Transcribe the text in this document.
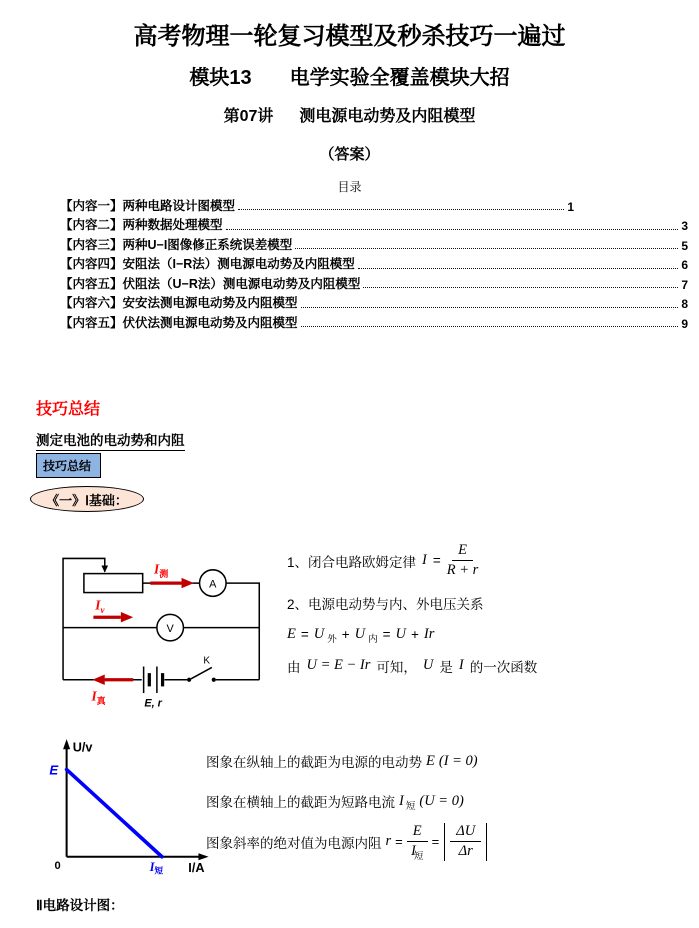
高考物理一轮复习模型及秒杀技巧一遍过
模块13 电学实验全覆盖模块大招
第07讲 测电源电动势及内阻模型
（答案）
目录
【内容一】两种电路设计图模型	1
【内容二】两种数据处理模型	3
【内容三】两种U−I图像修正系统误差模型	5
【内容四】安阻法（I−R法）测电源电动势及内阻模型	6
【内容五】伏阻法（U−R法）测电源电动势及内阻模型	7
【内容六】安安法测电源电动势及内阻模型	8
【内容五】伏伏法测电源电动势及内阻模型	9
技巧总结
测定电池的电动势和内阻
技巧总结
《一》Ⅰ基础：
$I_测$
$I_v$
$I_真$
A
V
E, r
K
1、闭合电路欧姆定律 $I = \frac{E}{R + r}$
2、电源电动势与内、外电压关系
E = U 外 + U 内 = U + Ir
由 U = E − Ir 可知， U 是 I 的一次函数
U/v
I/A
0
E
$I_短$
图象在纵轴上的截距为电源的电动势 E (I = 0)
图象在横轴上的截距为短路电流 I 短 (U = 0)
图象斜率的绝对值为电源内阻 $r = \frac{E}{I_短} = \frac{\Delta U}{\Delta r}$
Ⅱ电路设计图：
